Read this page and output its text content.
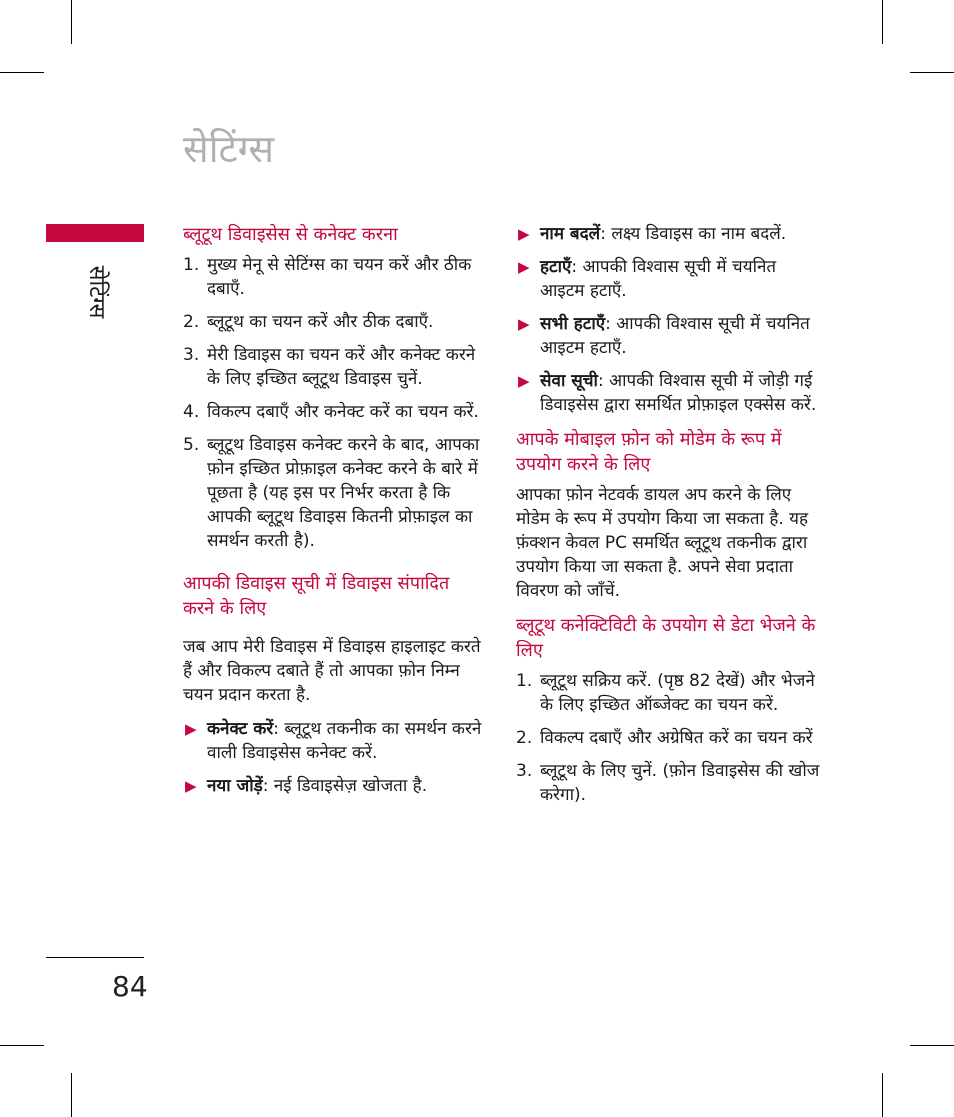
सेटिंग्स
सेटिंग्स
84
ब्लूटूथ डिवाइसेस से कनेक्ट करना
1. मुख्य मेनू से सेटिंग्स का चयन करें और ठीक दबाएँ.
2. ब्लूटूथ का चयन करें और ठीक दबाएँ.
3. मेरी डिवाइस का चयन करें और कनेक्ट करने के लिए इच्छित ब्लूटूथ डिवाइस चुनें.
4. विकल्प दबाएँ और कनेक्ट करें का चयन करें.
5. ब्लूटूथ डिवाइस कनेक्ट करने के बाद, आपका फ़ोन इच्छित प्रोफ़ाइल कनेक्ट करने के बारे में पूछता है (यह इस पर निर्भर करता है कि आपकी ब्लूटूथ डिवाइस कितनी प्रोफ़ाइल का समर्थन करती है).
आपकी डिवाइस सूची में डिवाइस संपादित करने के लिए

जब आप मेरी डिवाइस में डिवाइस हाइलाइट करते हैं और विकल्प दबाते हैं तो आपका फ़ोन निम्न चयन प्रदान करता है.

▶ कनेक्ट करें: ब्लूटूथ तकनीक का समर्थन करने वाली डिवाइसेस कनेक्ट करें.
▶ नया जोड़ें: नई डिवाइसेज़ खोजता है.
▶ नाम बदलें: लक्ष्य डिवाइस का नाम बदलें.
▶ हटाएँ: आपकी विश्वास सूची में चयनित आइटम हटाएँ.
▶ सभी हटाएँ: आपकी विश्वास सूची में चयनित आइटम हटाएँ.
▶ सेवा सूची: आपकी विश्वास सूची में जोड़ी गई डिवाइसेस द्वारा समर्थित प्रोफ़ाइल एक्सेस करें.
आपके मोबाइल फ़ोन को मोडेम के रूप में उपयोग करने के लिए

आपका फ़ोन नेटवर्क डायल अप करने के लिए मोडेम के रूप में उपयोग किया जा सकता है. यह फ़ंक्शन केवल PC समर्थित ब्लूटूथ तकनीक द्वारा उपयोग किया जा सकता है. अपने सेवा प्रदाता विवरण को जाँचें.

ब्लूटूथ कनेक्टिविटी के उपयोग से डेटा भेजने के लिए
1. ब्लूटूथ सक्रिय करें. (पृष्ठ 82 देखें) और भेजने के लिए इच्छित ऑब्जेक्ट का चयन करें.
2. विकल्प दबाएँ और अग्रेषित करें का चयन करें
3. ब्लूटूथ के लिए चुनें. (फ़ोन डिवाइसेस की खोज करेगा).
